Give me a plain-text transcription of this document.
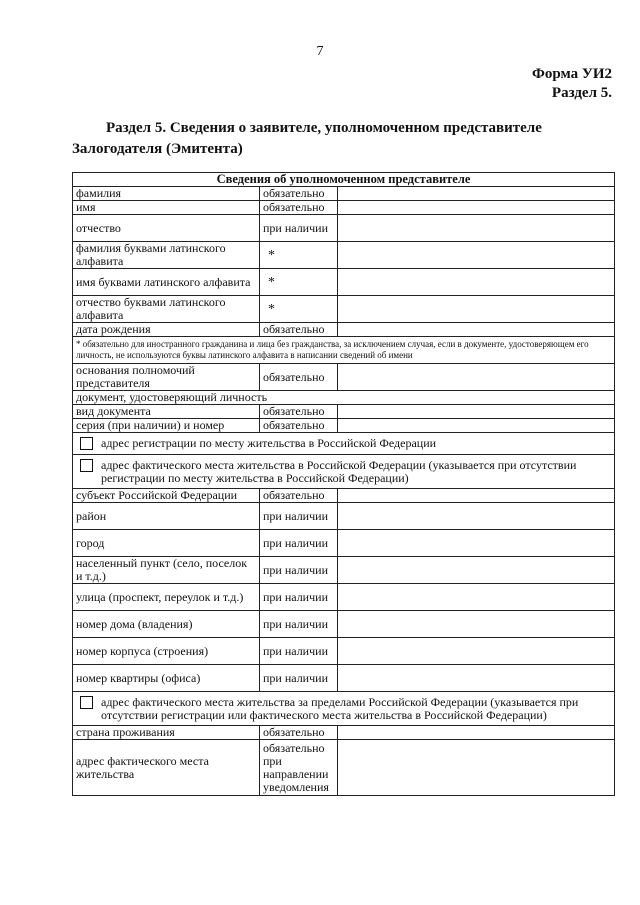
7
Форма УИ2
Раздел 5.
Раздел 5. Сведения о заявителе, уполномоченном представителе
Залогодателя (Эмитента)
Сведения об уполномоченном представителе		
фамилия	обязательно	
имя	обязательно	
отчество	при наличии	
фамилия буквами латинского алфавита	*	
имя буквами латинского алфавита	*	
отчество буквами латинского алфавита	*	
дата рождения	обязательно	
* обязательно для иностранного гражданина и лица без гражданства, за исключением случая, если в документе, удостоверяющем его личность, не используются буквы латинского алфавита в написании сведений об имени		
основания полномочий представителя	обязательно	
документ, удостоверяющий личность		
вид документа	обязательно	
серия (при наличии) и номер	обязательно	
адрес регистрации по месту жительства в Российской Федерации		
адрес фактического места жительства в Российской Федерации (указывается при отсутствии регистрации по месту жительства в Российской Федерации)		
субъект Российской Федерации	обязательно	
район	при наличии	
город	при наличии	
населенный пункт (село, поселок и т.д.)	при наличии	
улица (проспект, переулок и т.д.)	при наличии	
номер дома (владения)	при наличии	
номер корпуса (строения)	при наличии	
номер квартиры (офиса)	при наличии	
адрес фактического места жительства за пределами Российской Федерации (указывается при отсутствии регистрации или фактического места жительства в Российской Федерации)		
страна проживания	обязательно	
адрес фактического места жительства	обязательно при направлении уведомления	
